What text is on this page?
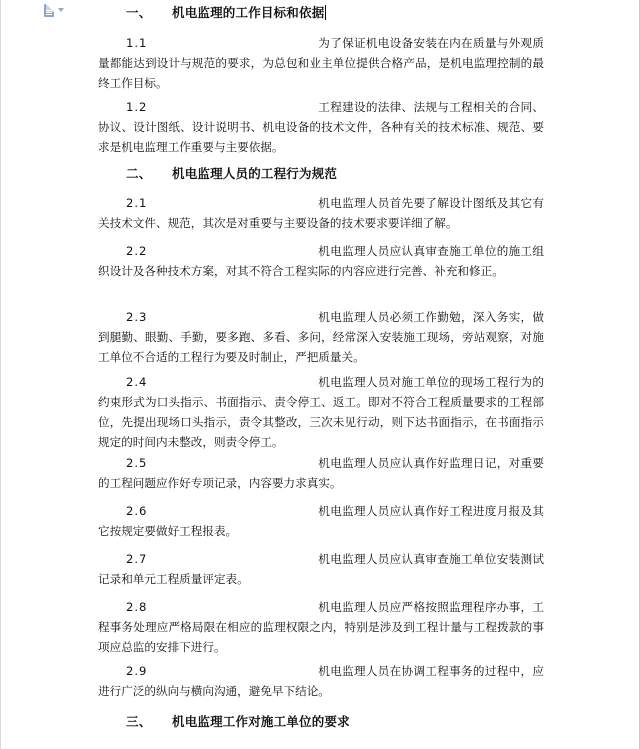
一、 机电监理的工作目标和依据

1.1	为了保证机电设备安装在内在质量与外观质量都能达到设计与规范的要求，为总包和业主单位提供合格产品，是机电监理控制的最终工作目标。

1.2	工程建设的法律、法规与工程相关的合同、协议、设计图纸、设计说明书、机电设备的技术文件，各种有关的技术标准、规范、要求是机电监理工作重要与主要依据。

二、 机电监理人员的工程行为规范

2.1	机电监理人员首先要了解设计图纸及其它有关技术文件、规范，其次是对重要与主要设备的技术要求要详细了解。

2.2	机电监理人员应认真审查施工单位的施工组织设计及各种技术方案，对其不符合工程实际的内容应进行完善、补充和修正。

2.3	机电监理人员必须工作勤勉，深入务实，做到腿勤、眼勤、手勤，要多跑、多看、多问，经常深入安装施工现场，旁站观察，对施工单位不合适的工程行为要及时制止，严把质量关。

2.4	机电监理人员对施工单位的现场工程行为的约束形式为口头指示、书面指示、责令停工、返工。即对不符合工程质量要求的工程部位，先提出现场口头指示，责令其整改，三次未见行动，则下达书面指示，在书面指示规定的时间内未整改，则责令停工。

2.5	机电监理人员应认真作好监理日记，对重要的工程问题应作好专项记录，内容要力求真实。

2.6	机电监理人员应认真作好工程进度月报及其它按规定要做好工程报表。

2.7	机电监理人员应认真审查施工单位安装测试记录和单元工程质量评定表。

2.8	机电监理人员应严格按照监理程序办事，工程事务处理应严格局限在相应的监理权限之内，特别是涉及到工程计量与工程拨款的事项应总监的安排下进行。

2.9	机电监理人员在协调工程事务的过程中，应进行广泛的纵向与横向沟通，避免早下结论。

三、 机电监理工作对施工单位的要求
